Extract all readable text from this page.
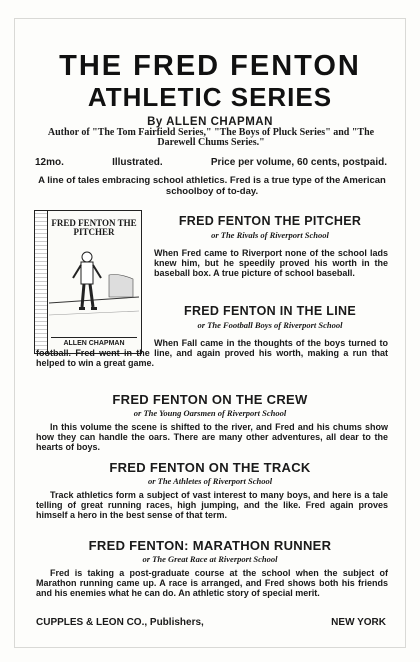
THE FRED FENTON
ATHLETIC SERIES
By ALLEN CHAPMAN
Author of "The Tom Fairfield Series," "The Boys of Pluck Series" and "The Darewell Chums Series."
12mo.	Illustrated.	Price per volume, 60 cents, postpaid.
A line of tales embracing school athletics. Fred is a true type of the American schoolboy of to-day.
FRED FENTON THE PITCHER
ALLEN CHAPMAN
FRED FENTON THE PITCHER
or The Rivals of Riverport School
When Fred came to Riverport none of the school lads knew him, but he speedily proved his worth in the baseball box. A true picture of school baseball.
FRED FENTON IN THE LINE
or The Football Boys of Riverport School
When Fall came in the thoughts of the boys turned to football. Fred went in the line, and again proved his worth, making a run that helped to win a great game.
FRED FENTON ON THE CREW
or The Young Oarsmen of Riverport School
In this volume the scene is shifted to the river, and Fred and his chums show how they can handle the oars. There are many other adventures, all dear to the hearts of boys.
FRED FENTON ON THE TRACK
or The Athletes of Riverport School
Track athletics form a subject of vast interest to many boys, and here is a tale telling of great running races, high jumping, and the like. Fred again proves himself a hero in the best sense of that term.
FRED FENTON: MARATHON RUNNER
or The Great Race at Riverport School
Fred is taking a post-graduate course at the school when the subject of Marathon running came up. A race is arranged, and Fred shows both his friends and his enemies what he can do. An athletic story of special merit.
CUPPLES & LEON CO., Publishers,	NEW YORK
